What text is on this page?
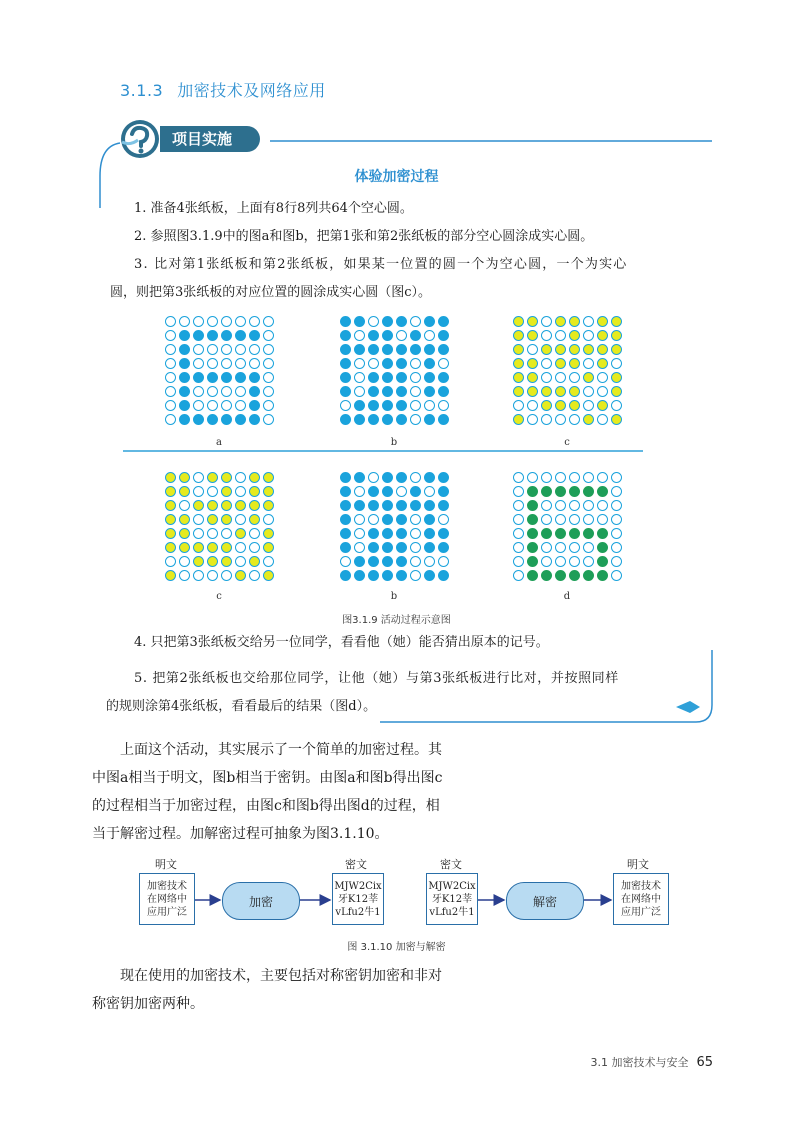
3.1.3 加密技术及网络应用
项目实施
体验加密过程
1. 准备4张纸板，上面有8行8列共64个空心圆。
2. 参照图3.1.9中的图a和图b，把第1张和第2张纸板的部分空心圆涂成实心圆。
3. 比对第1张纸板和第2张纸板，如果某一位置的圆一个为空心圆，一个为实心
圆，则把第3张纸板的对应位置的圆涂成实心圆（图c）。
a	b	c
c	b	d
图3.1.9 活动过程示意图
4. 只把第3张纸板交给另一位同学，看看他（她）能否猜出原本的记号。
5. 把第2张纸板也交给那位同学，让他（她）与第3张纸板进行比对，并按照同样
的规则涂第4张纸板，看看最后的结果（图d）。
上面这个活动，其实展示了一个简单的加密过程。其
中图a相当于明文，图b相当于密钥。由图a和图b得出图c
的过程相当于加密过程，由图c和图b得出图d的过程，相
当于解密过程。加解密过程可抽象为图3.1.10。
明文	密文	密文	明文
加密技术
在网络中
应用广泛
加密
MJW2Cix
牙K12莘
vLfu2牛1
MJW2Cix
牙K12莘
vLfu2牛1
解密
加密技术
在网络中
应用广泛
图 3.1.10 加密与解密
现在使用的加密技术，主要包括对称密钥加密和非对
称密钥加密两种。
3.1 加密技术与安全 65
